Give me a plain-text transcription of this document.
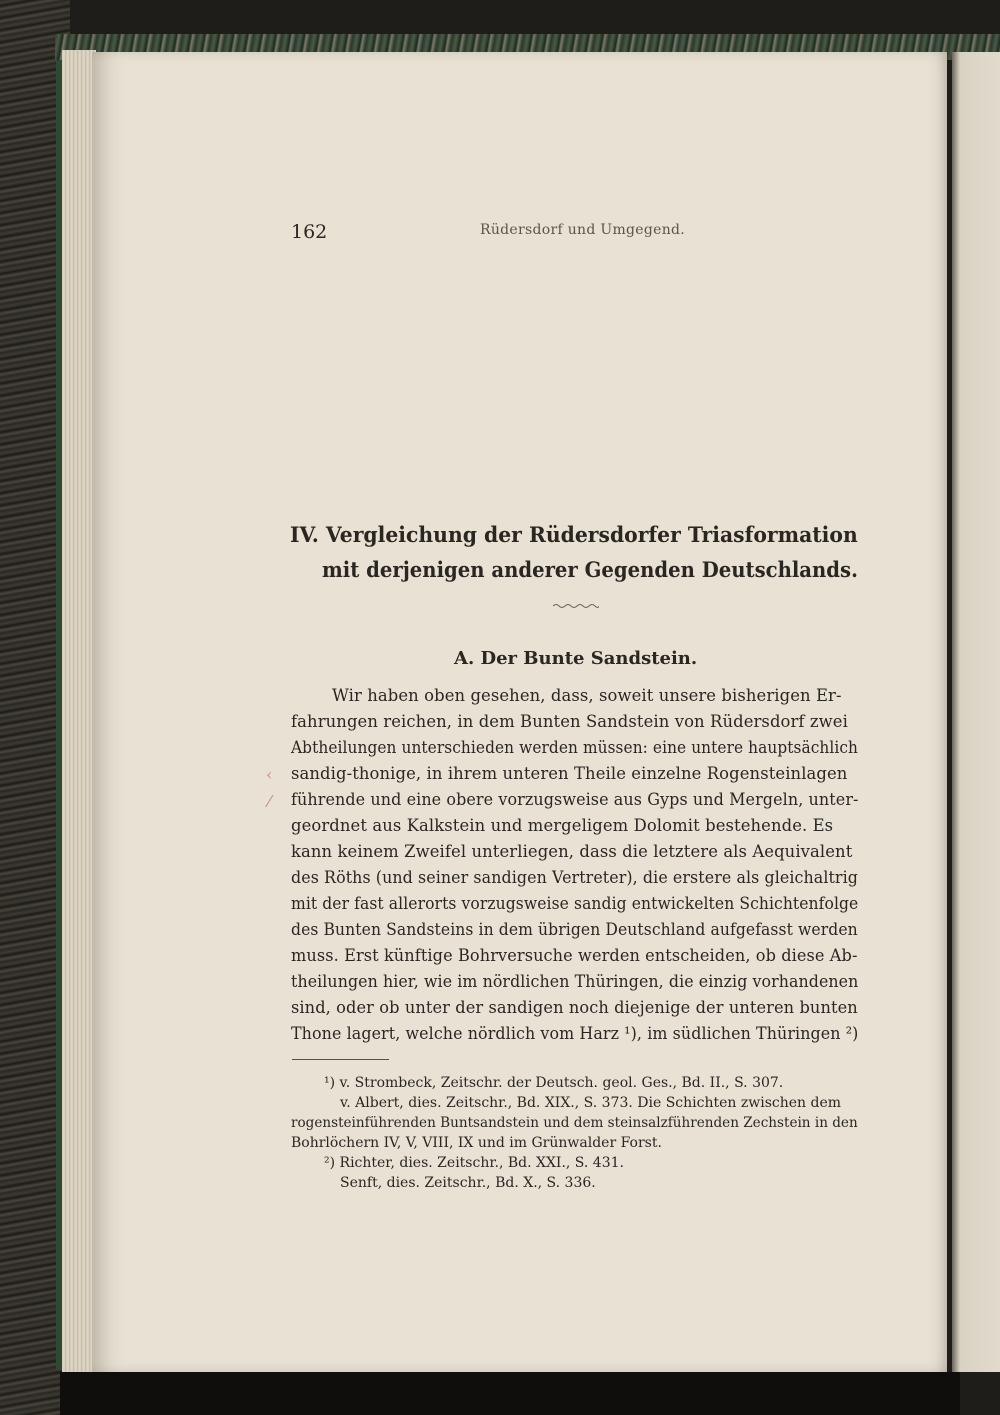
162	Rüdersdorf und Umgegend.
IV. Vergleichung der Rüdersdorfer Triasformation
mit derjenigen anderer Gegenden Deutschlands.
A. Der Bunte Sandstein.
‹
⁄
Wir haben oben gesehen, dass, soweit unsere bisherigen Er-
fahrungen reichen, in dem Bunten Sandstein von Rüdersdorf zwei
Abtheilungen unterschieden werden müssen: eine untere hauptsächlich
sandig-thonige, in ihrem unteren Theile einzelne Rogensteinlagen
führende und eine obere vorzugsweise aus Gyps und Mergeln, unter-
geordnet aus Kalkstein und mergeligem Dolomit bestehende. Es
kann keinem Zweifel unterliegen, dass die letztere als Aequivalent
des Röths (und seiner sandigen Vertreter), die erstere als gleichaltrig
mit der fast allerorts vorzugsweise sandig entwickelten Schichtenfolge
des Bunten Sandsteins in dem übrigen Deutschland aufgefasst werden
muss. Erst künftige Bohrversuche werden entscheiden, ob diese Ab-
theilungen hier, wie im nördlichen Thüringen, die einzig vorhandenen
sind, oder ob unter der sandigen noch diejenige der unteren bunten
Thone lagert, welche nördlich vom Harz ¹), im südlichen Thüringen ²)
¹) v. Strombeck, Zeitschr. der Deutsch. geol. Ges., Bd. II., S. 307.
v. Albert, dies. Zeitschr., Bd. XIX., S. 373. Die Schichten zwischen dem
rogensteinführenden Buntsandstein und dem steinsalzführenden Zechstein in den
Bohrlöchern IV, V, VIII, IX und im Grünwalder Forst.
²) Richter, dies. Zeitschr., Bd. XXI., S. 431.
Senft, dies. Zeitschr., Bd. X., S. 336.
